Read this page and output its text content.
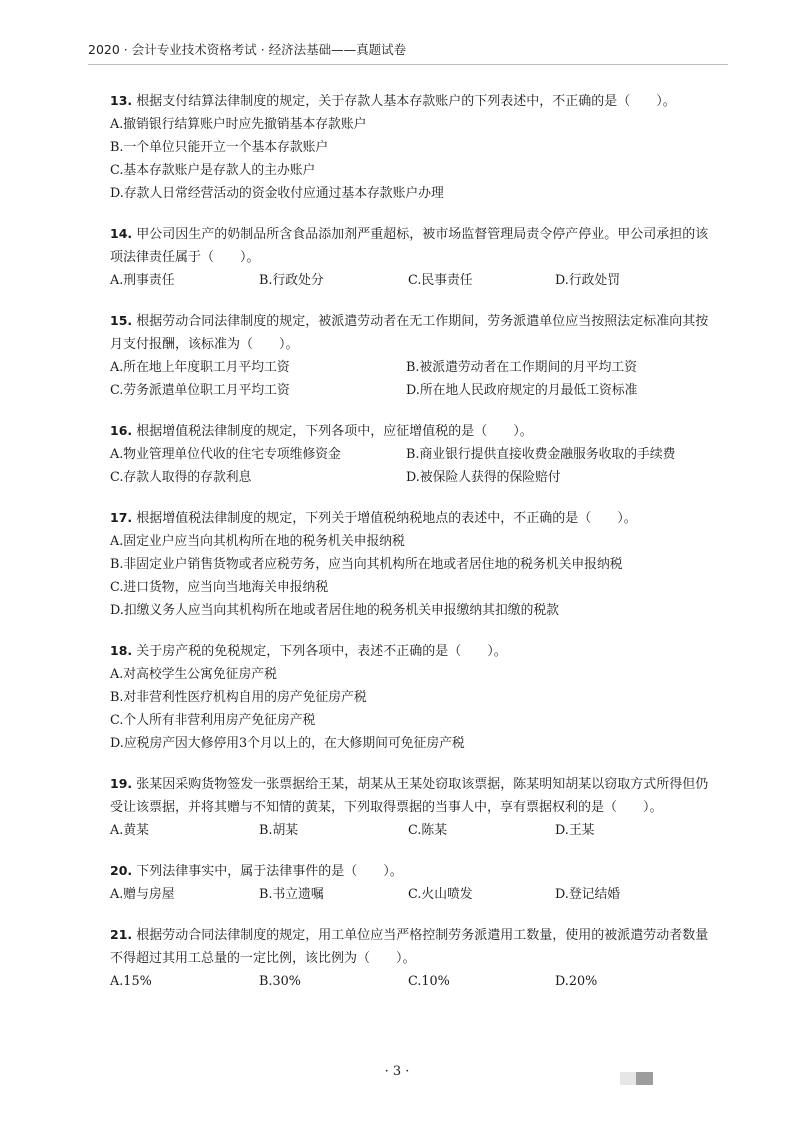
2020 · 会计专业技术资格考试 · 经济法基础——真题试卷

13. 根据支付结算法律制度的规定，关于存款人基本存款账户的下列表述中，不正确的是（　　）。

A.撤销银行结算账户时应先撤销基本存款账户

B.一个单位只能开立一个基本存款账户

C.基本存款账户是存款人的主办账户

D.存款人日常经营活动的资金收付应通过基本存款账户办理

14. 甲公司因生产的奶制品所含食品添加剂严重超标，被市场监督管理局责令停产停业。甲公司承担的该项法律责任属于（　　）。

A.刑事责任	B.行政处分	C.民事责任	D.行政处罚

15. 根据劳动合同法律制度的规定，被派遣劳动者在无工作期间，劳务派遣单位应当按照法定标准向其按月支付报酬，该标准为（　　）。

A.所在地上年度职工月平均工资	B.被派遣劳动者在工作期间的月平均工资

C.劳务派遣单位职工月平均工资	D.所在地人民政府规定的月最低工资标准

16. 根据增值税法律制度的规定，下列各项中，应征增值税的是（　　）。

A.物业管理单位代收的住宅专项维修资金	B.商业银行提供直接收费金融服务收取的手续费

C.存款人取得的存款利息	D.被保险人获得的保险赔付

17. 根据增值税法律制度的规定，下列关于增值税纳税地点的表述中，不正确的是（　　）。

A.固定业户应当向其机构所在地的税务机关申报纳税

B.非固定业户销售货物或者应税劳务，应当向其机构所在地或者居住地的税务机关申报纳税

C.进口货物，应当向当地海关申报纳税

D.扣缴义务人应当向其机构所在地或者居住地的税务机关申报缴纳其扣缴的税款

18. 关于房产税的免税规定，下列各项中，表述不正确的是（　　）。

A.对高校学生公寓免征房产税

B.对非营利性医疗机构自用的房产免征房产税

C.个人所有非营利用房产免征房产税

D.应税房产因大修停用3个月以上的，在大修期间可免征房产税

19. 张某因采购货物签发一张票据给王某，胡某从王某处窃取该票据，陈某明知胡某以窃取方式所得但仍受让该票据，并将其赠与不知情的黄某，下列取得票据的当事人中，享有票据权利的是（　　）。

A.黄某	B.胡某	C.陈某	D.王某

20. 下列法律事实中，属于法律事件的是（　　）。

A.赠与房屋	B.书立遗嘱	C.火山喷发	D.登记结婚

21. 根据劳动合同法律制度的规定，用工单位应当严格控制劳务派遣用工数量，使用的被派遣劳动者数量不得超过其用工总量的一定比例，该比例为（　　）。

A.15%	B.30%	C.10%	D.20%

· 3 ·
